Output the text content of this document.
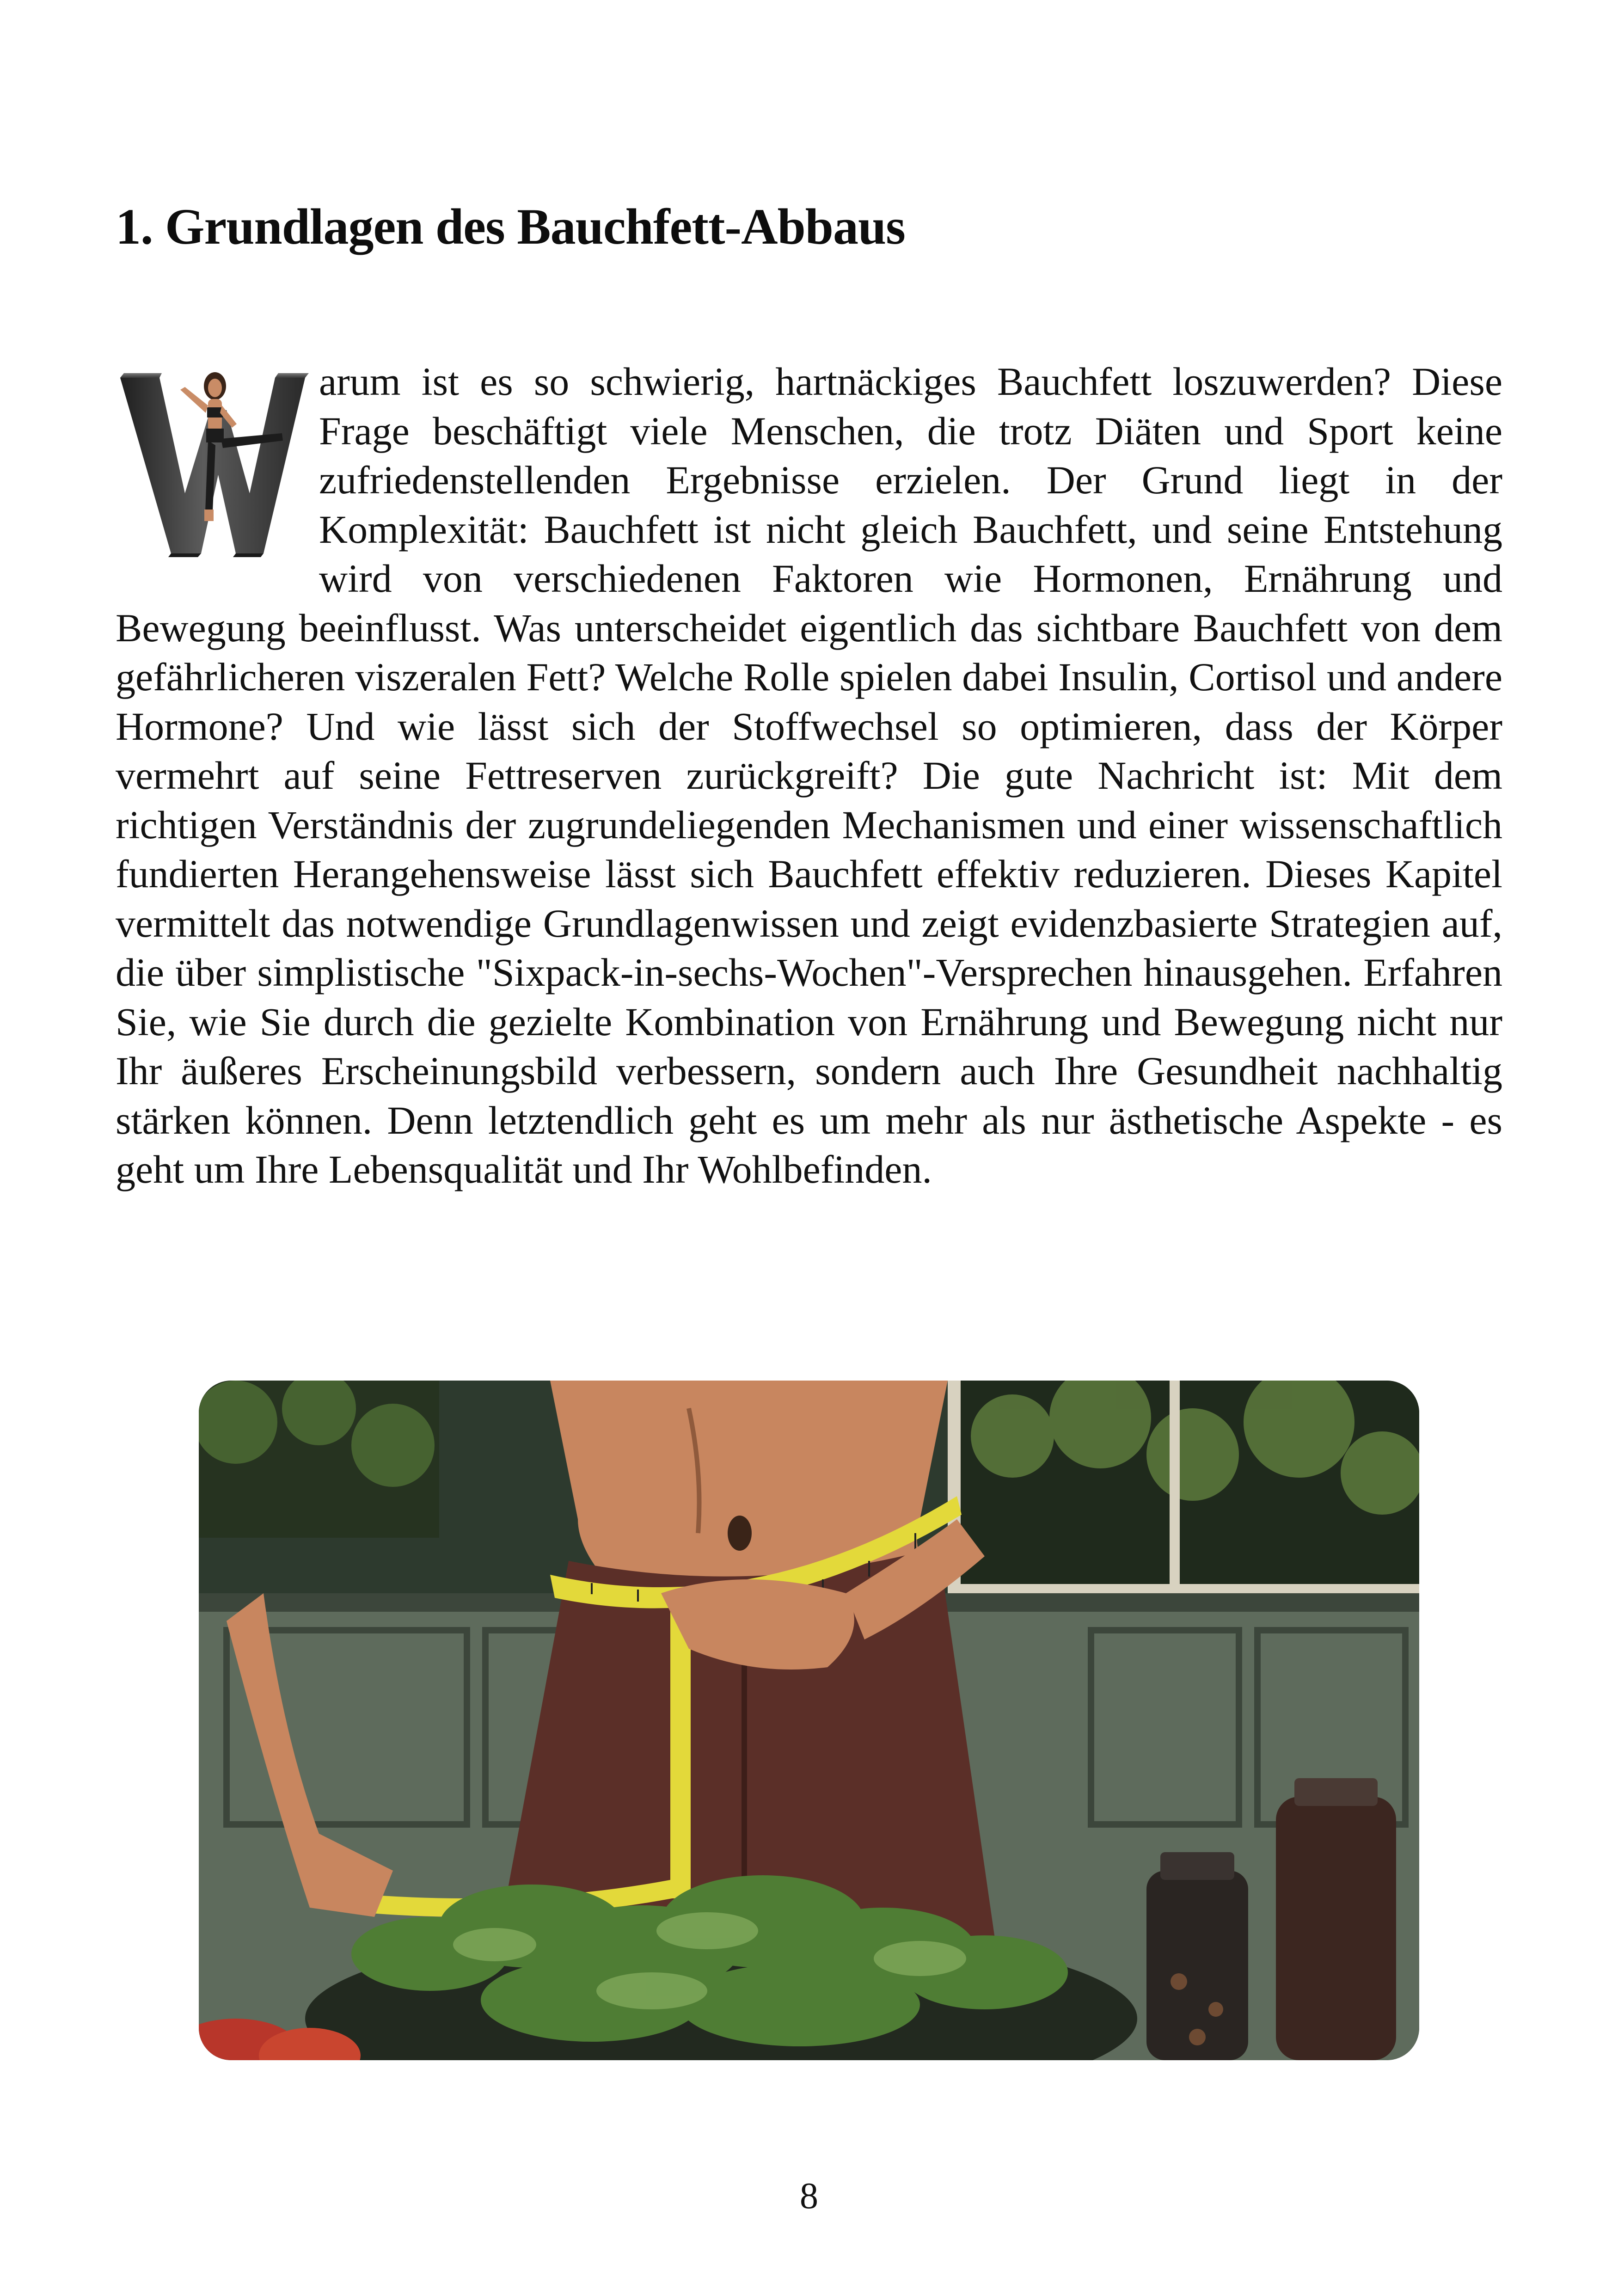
1. Grundlagen des Bauchfett-Abbaus

arum ist es so schwierig, hartnäckiges Bauchfett loszuwerden? Diese Frage beschäftigt viele Menschen, die trotz Diäten und Sport keine zufriedenstellenden Ergebnisse erzielen. Der Grund liegt in der Komplexität: Bauchfett ist nicht gleich Bauchfett, und seine Entstehung wird von verschiedenen Faktoren wie Hormonen, Ernährung und Bewegung beeinflusst. Was unterscheidet eigentlich das sichtbare Bauchfett von dem gefährlicheren viszeralen Fett? Welche Rolle spielen dabei Insulin, Cortisol und andere Hormone? Und wie lässt sich der Stoffwechsel so optimieren, dass der Körper vermehrt auf seine Fettreserven zurückgreift? Die gute Nachricht ist: Mit dem richtigen Verständnis der zugrundeliegenden Mechanismen und einer wissenschaftlich fundierten Herangehensweise lässt sich Bauchfett effektiv reduzieren. Dieses Kapitel vermittelt das notwendige Grundlagenwissen und zeigt evidenzbasierte Strategien auf, die über simplistische "Sixpack-in-sechs-Wochen"-Versprechen hinausgehen. Erfahren Sie, wie Sie durch die gezielte Kombination von Ernährung und Bewegung nicht nur Ihr äußeres Erscheinungsbild verbessern, sondern auch Ihre Gesundheit nachhaltig stärken können. Denn letztendlich geht es um mehr als nur ästhetische Aspekte - es geht um Ihre Lebensqualität und Ihr Wohlbefinden.

8
